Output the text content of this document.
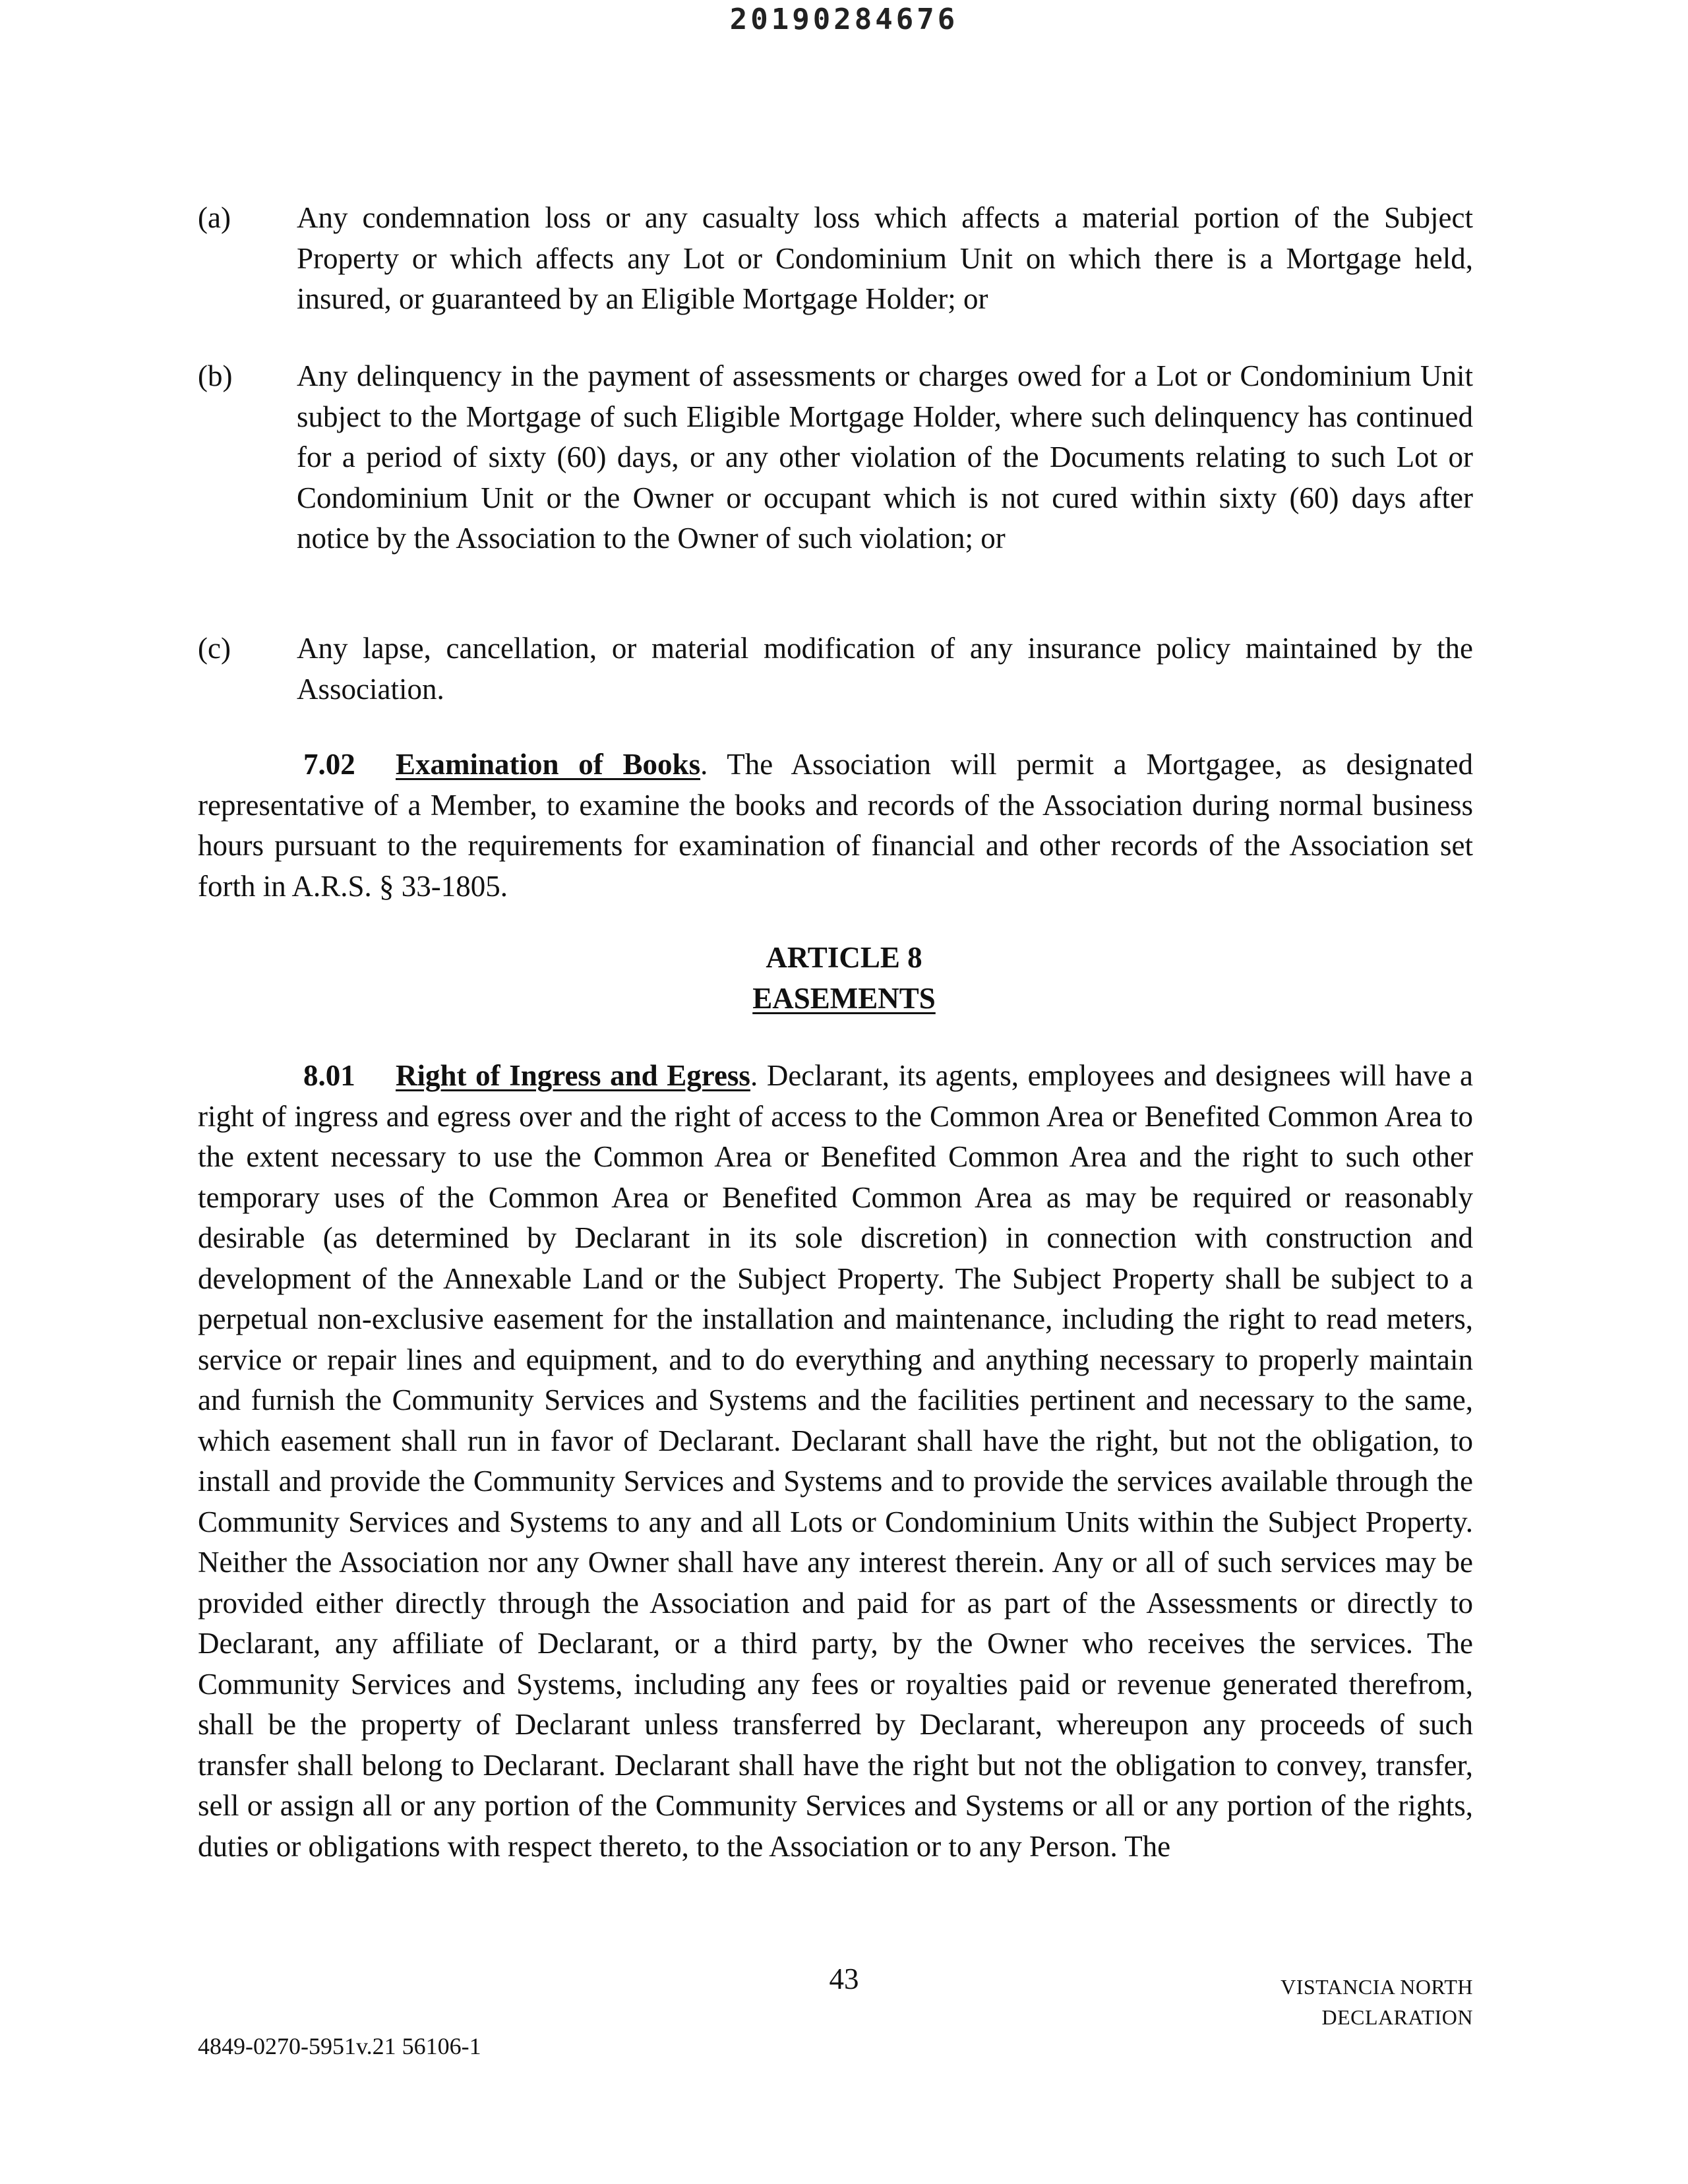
20190284676
(a) Any condemnation loss or any casualty loss which affects a material portion of the Subject Property or which affects any Lot or Condominium Unit on which there is a Mortgage held, insured, or guaranteed by an Eligible Mortgage Holder; or
(b) Any delinquency in the payment of assessments or charges owed for a Lot or Condominium Unit subject to the Mortgage of such Eligible Mortgage Holder, where such delinquency has continued for a period of sixty (60) days, or any other violation of the Documents relating to such Lot or Condominium Unit or the Owner or occupant which is not cured within sixty (60) days after notice by the Association to the Owner of such violation; or
(c) Any lapse, cancellation, or material modification of any insurance policy maintained by the Association.
7.02 Examination of Books. The Association will permit a Mortgagee, as designated representative of a Member, to examine the books and records of the Association during normal business hours pursuant to the requirements for examination of financial and other records of the Association set forth in A.R.S. § 33-1805.
ARTICLE 8
EASEMENTS
8.01 Right of Ingress and Egress. Declarant, its agents, employees and designees will have a right of ingress and egress over and the right of access to the Common Area or Benefited Common Area to the extent necessary to use the Common Area or Benefited Common Area and the right to such other temporary uses of the Common Area or Benefited Common Area as may be required or reasonably desirable (as determined by Declarant in its sole discretion) in connection with construction and development of the Annexable Land or the Subject Property. The Subject Property shall be subject to a perpetual non-exclusive easement for the installation and maintenance, including the right to read meters, service or repair lines and equipment, and to do everything and anything necessary to properly maintain and furnish the Community Services and Systems and the facilities pertinent and necessary to the same, which easement shall run in favor of Declarant. Declarant shall have the right, but not the obligation, to install and provide the Community Services and Systems and to provide the services available through the Community Services and Systems to any and all Lots or Condominium Units within the Subject Property. Neither the Association nor any Owner shall have any interest therein. Any or all of such services may be provided either directly through the Association and paid for as part of the Assessments or directly to Declarant, any affiliate of Declarant, or a third party, by the Owner who receives the services. The Community Services and Systems, including any fees or royalties paid or revenue generated therefrom, shall be the property of Declarant unless transferred by Declarant, whereupon any proceeds of such transfer shall belong to Declarant. Declarant shall have the right but not the obligation to convey, transfer, sell or assign all or any portion of the Community Services and Systems or all or any portion of the rights, duties or obligations with respect thereto, to the Association or to any Person. The
43	VISTANCIA NORTH
DECLARATION
4849-0270-5951v.21 56106-1
